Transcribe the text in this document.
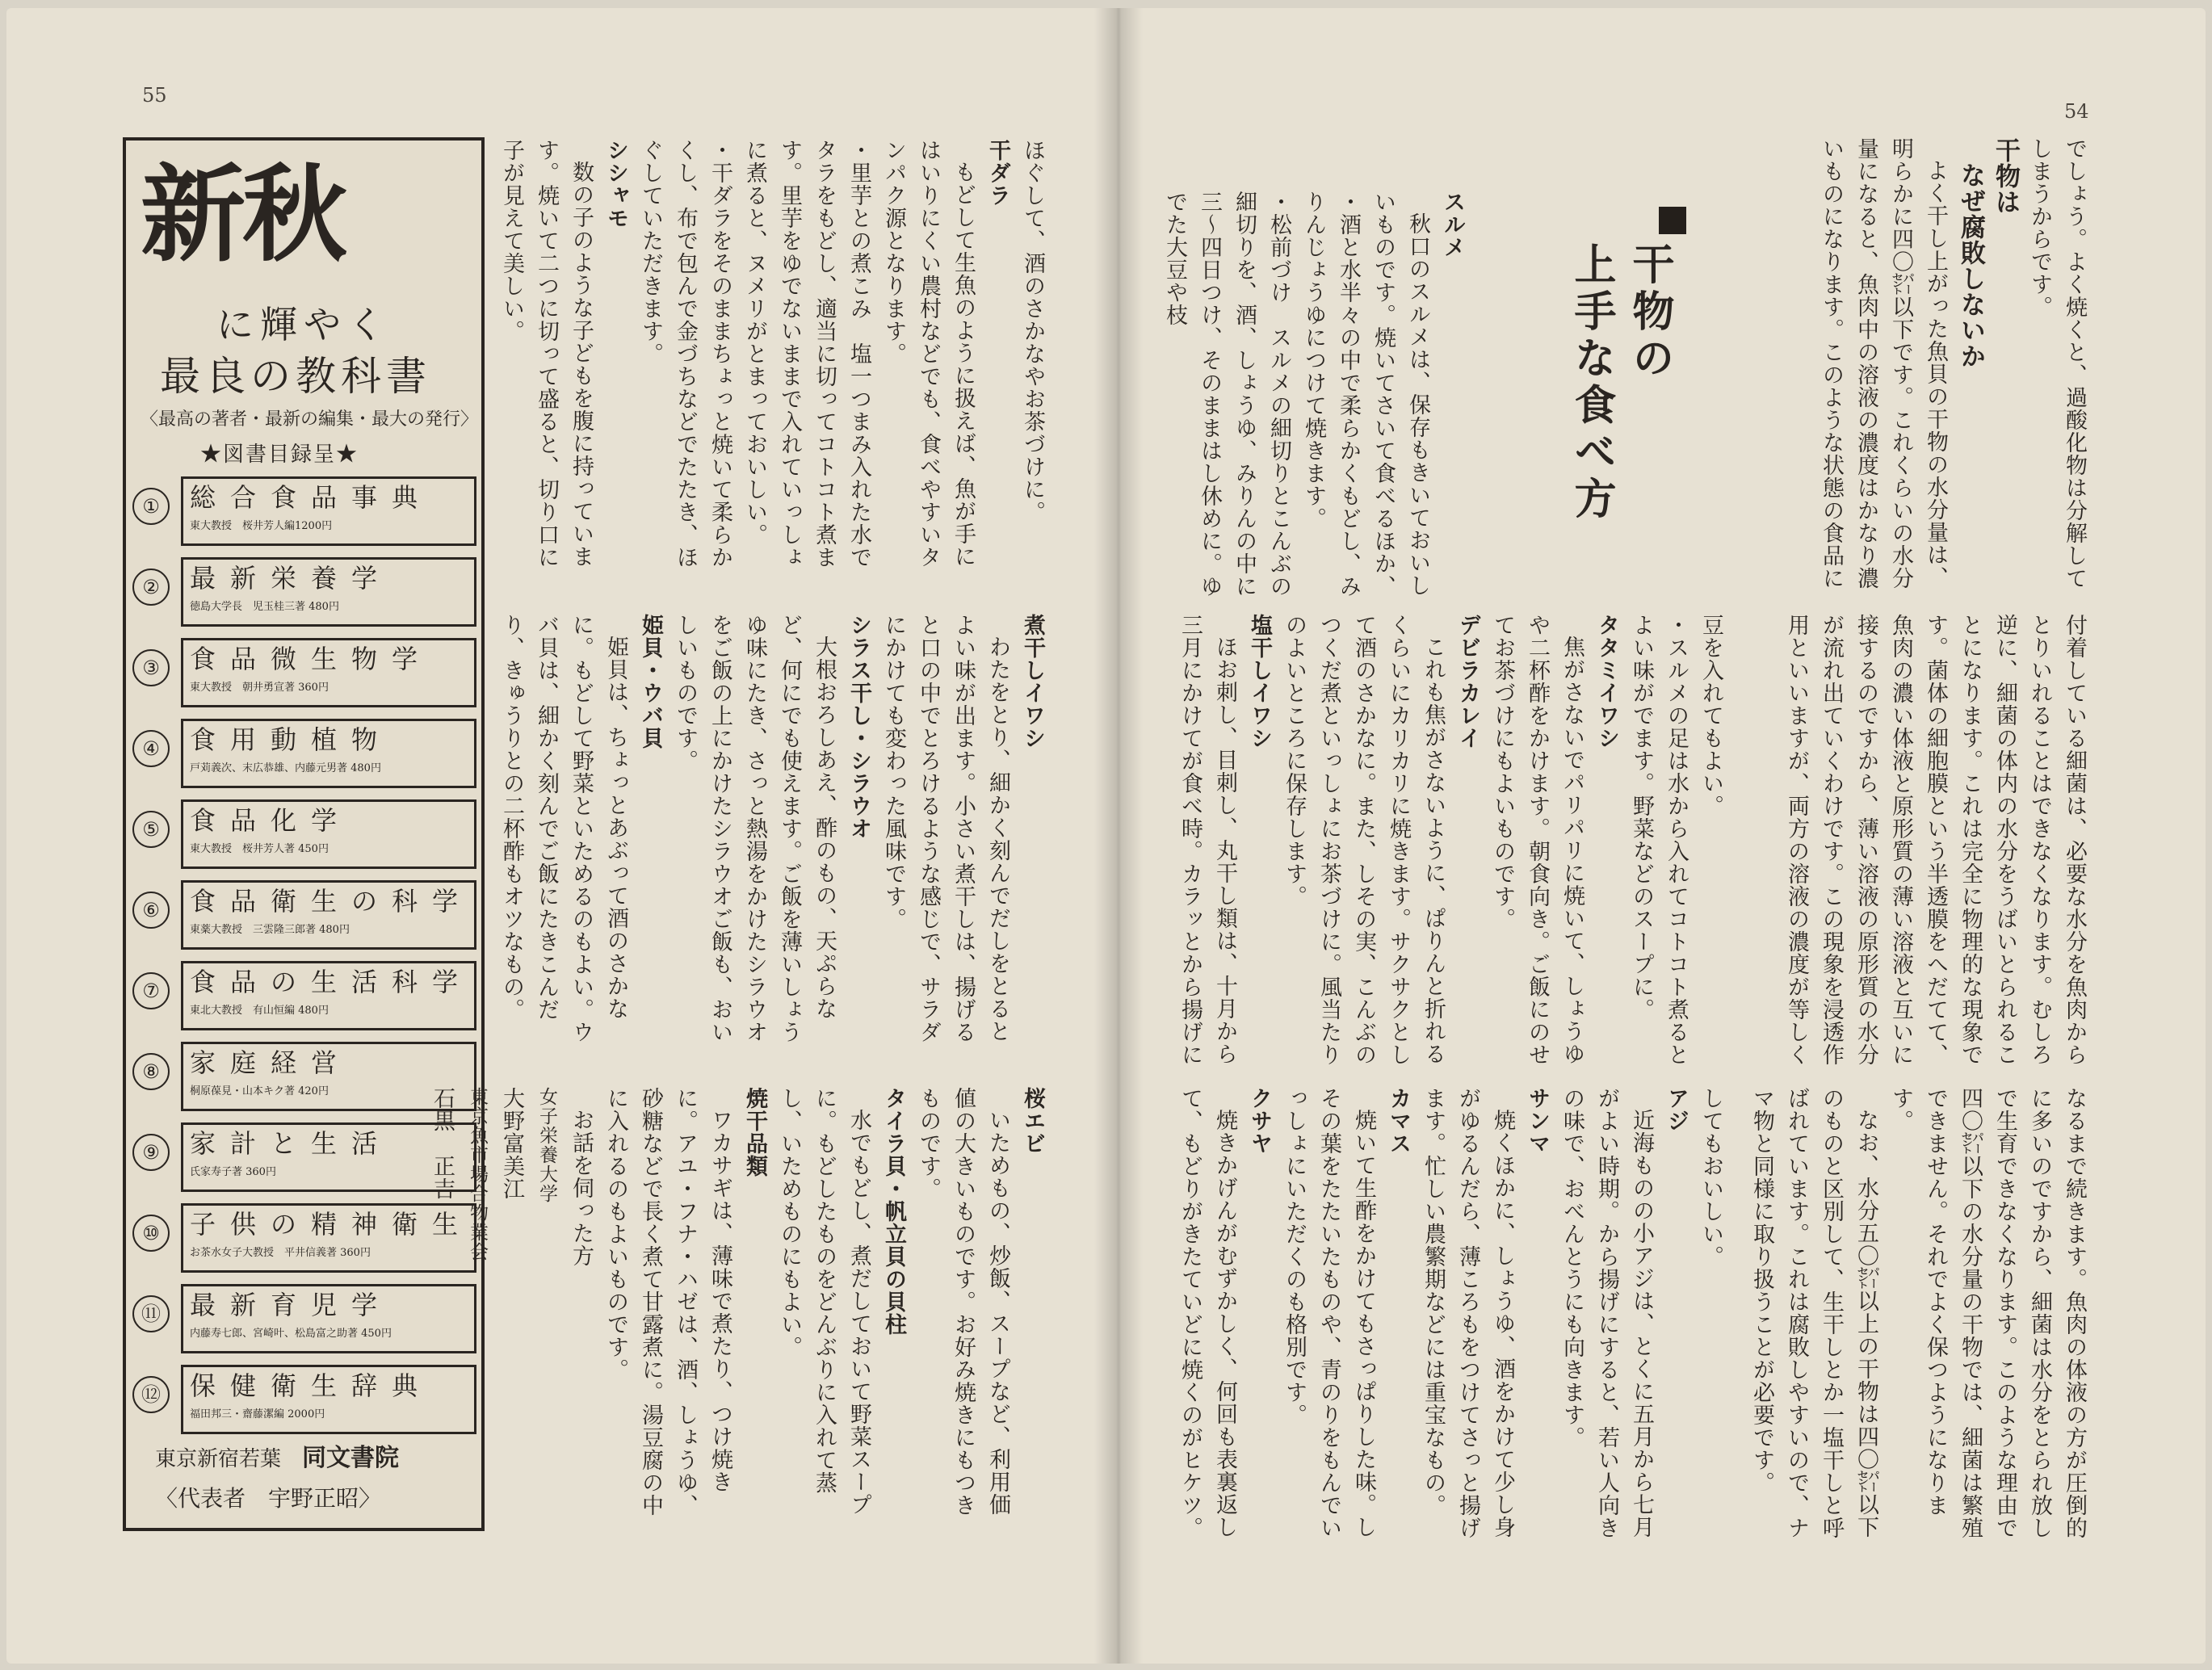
55
54
新秋
に輝やく
最良の教科書
〈最高の著者・最新の編集・最大の発行〉
★図書目録呈★
①	総合食品事典
東大教授　桜井芳人編1200円
②	最新栄養学
徳島大学長　児玉桂三著 480円
③	食品微生物学
東大教授　朝井勇宣著 360円
④	食用動植物
戸苅義次、末広恭雄、内藤元男著 480円
⑤	食品化学
東大教授　桜井芳人著 450円
⑥	食品衛生の科学
東薬大教授　三雲隆三郎著 480円
⑦	食品の生活科学
東北大教授　有山恒編 480円
⑧	家庭経営
桐原葆見・山本キク著 420円
⑨	家計と生活
氏家寿子著 360円
⑩	子供の精神衛生
お茶水女子大教授　平井信義著 360円
⑪	最新育児学
内藤寿七郎、宮崎叶、松島富之助著 450円
⑫	保健衛生辞典
福田邦三・齋藤潔編 2000円
東京新宿若葉　 同文書院
〈代表者　宇野正昭〉
ほぐして、酒のさかなやお茶づけに。
干ダラ
もどして生魚のように扱えば、魚が手にはいりにくい農村などでも、食べやすいタンパク源となります。
・里芋との煮こみ　塩一つまみ入れた水でタラをもどし、適当に切ってコトコト煮ます。里芋をゆでないままで入れていっしょに煮ると、ヌメリがとまっておいしい。
・干ダラをそのままちょっと焼いて柔らかくし、布で包んで金づちなどでたたき、ほぐしていただきます。
シシャモ
数の子のような子どもを腹に持っています。焼いて二つに切って盛ると、切り口に子が見えて美しい。
煮干しイワシ
わたをとり、細かく刻んでだしをとるとよい味が出ます。小さい煮干しは、揚げると口の中でとろけるような感じで、サラダにかけても変わった風味です。
シラス干し・シラウオ
大根おろしあえ、酢のもの、天ぷらなど、何にでも使えます。ご飯を薄いしょうゆ味にたき、さっと熱湯をかけたシラウオをご飯の上にかけたシラウオご飯も、おいしいものです。
姫貝・ウバ貝
姫貝は、ちょっとあぶって酒のさかなに。もどして野菜といためるのもよい。ウバ貝は、細かく刻んでご飯にたきこんだり、きゅうりとの二杯酢もオツなもの。
桜エビ
いためもの、炒飯、スープなど、利用価値の大きいものです。お好み焼きにもつきものです。
タイラ貝・帆立貝の貝柱
水でもどし、煮だしておいて野菜スープに。もどしたものをどんぶりに入れて蒸し、いためものにもよい。
焼干品類
ワカサギは、薄味で煮たり、つけ焼きに。アユ・フナ・ハゼは、酒、しょうゆ、砂糖などで長く煮て甘露煮に。湯豆腐の中に入れるのもよいものです。
お話を伺った方
女子栄養大学
大野富美江
東京魚市場合物業会
石黒　正吉
でしょう。よく焼くと、過酸化物は分解してしまうからです。
干物は
なぜ腐敗しないか
よく干し上がった魚貝の干物の水分量は、明らかに四〇㌫以下です。これくらいの水分量になると、魚肉中の溶液の濃度はかなり濃いものになります。このような状態の食品に
付着している細菌は、必要な水分を魚肉からとりいれることはできなくなります。むしろ逆に、細菌の体内の水分をうばいとられることになります。これは完全に物理的な現象です。菌体の細胞膜という半透膜をへだてて、魚肉の濃い体液と原形質の薄い溶液と互いに接するのですから、薄い溶液の原形質の水分が流れ出ていくわけです。この現象を浸透作用といいますが、両方の溶液の濃度が等しく
なるまで続きます。魚肉の体液の方が圧倒的に多いのですから、細菌は水分をとられ放しで生育できなくなります。このような理由で四〇㌫以下の水分量の干物では、細菌は繁殖できません。それでよく保つようになります。
なお、水分五〇㌫以上の干物は四〇㌫以下のものと区別して、生干しとか一塩干しと呼ばれています。これは腐敗しやすいので、ナマ物と同様に取り扱うことが必要です。
干物の
上手な食べ方
スルメ
秋口のスルメは、保存もきいておいしいものです。焼いてさいて食べるほか、
・酒と水半々の中で柔らかくもどし、みりんじょうゆにつけて焼きます。
・松前づけ　スルメの細切りとこんぶの細切りを、酒、しょうゆ、みりんの中に三〜四日つけ、そのままはし休めに。ゆでた大豆や枝
豆を入れてもよい。
・スルメの足は水から入れてコトコト煮るとよい味がでます。野菜などのスープに。
タタミイワシ
焦がさないでパリパリに焼いて、しょうゆや二杯酢をかけます。朝食向き。ご飯にのせてお茶づけにもよいものです。
デビラカレイ
これも焦がさないように、ぱりんと折れるくらいにカリカリに焼きます。サクサクとして酒のさかなに。また、しその実、こんぶのつくだ煮といっしょにお茶づけに。風当たりのよいところに保存します。
塩干しイワシ
ほお刺し、目刺し、丸干し類は、十月から三月にかけてが食べ時。カラッとから揚げに
してもおいしい。
アジ
近海ものの小アジは、とくに五月から七月がよい時期。から揚げにすると、若い人向きの味で、おべんとうにも向きます。
サンマ
焼くほかに、しょうゆ、酒をかけて少し身がゆるんだら、薄ころもをつけてさっと揚げます。忙しい農繁期などには重宝なもの。
カマス
焼いて生酢をかけてもさっぱりした味。しその葉をたたいたものや、青のりをもんでいっしょにいただくのも格別です。
クサヤ
焼きかげんがむずかしく、何回も表裏返して、もどりがきたていどに焼くのがヒケツ。
